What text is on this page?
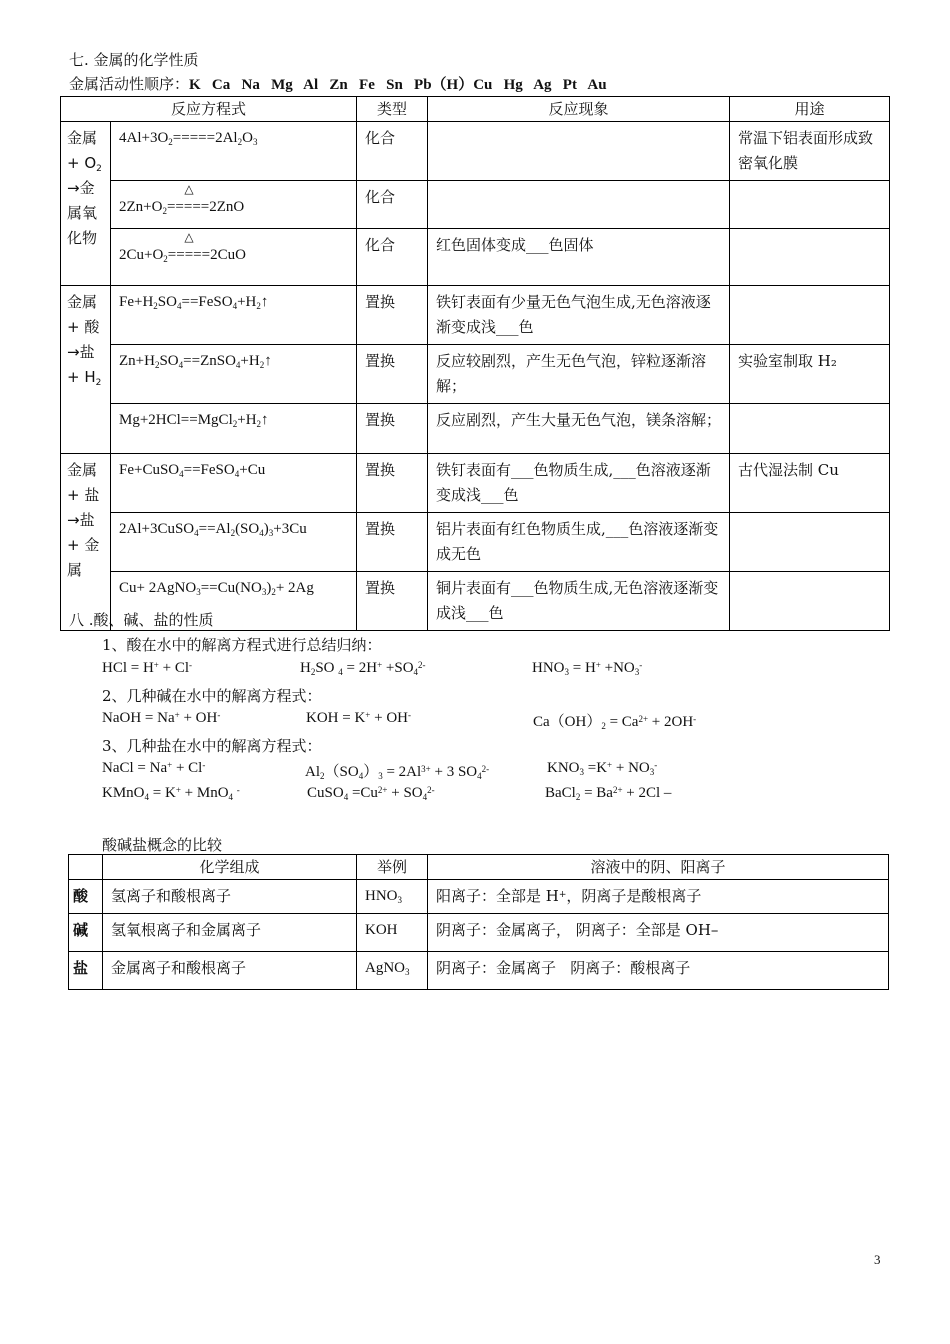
七. 金属的化学性质
金属活动性顺序：K   Ca   Na   Mg   Al   Zn   Fe   Sn   Pb（H）Cu   Hg   Ag   Pt   Au
反应方程式		类型	反应现象	用途
金属
+ $O_2$
→金
属氧
化物	$4Al+3O_2=====2Al_2O_3$	化合		常温下铝表面形成致密氧化膜

	△
$2Zn+O_2=====2ZnO$	化合		

	△
$2Cu+O_2=====2CuO$	化合	红色固体变成___色固体	
金属
+ 酸
→盐
+ $H_2$	$Fe+H_2SO_4==FeSO_4+H_2↑$	置换	铁钉表面有少量无色气泡生成,无色溶液逐渐变成浅___色	
	$Zn+H_2SO_4==ZnSO_4+H_2↑$	置换	反应较剧烈，产生无色气泡，锌粒逐渐溶解；	实验室制取 H₂
	$Mg+2HCl==MgCl_2+H_2↑$	置换	反应剧烈，产生大量无色气泡，镁条溶解；	
金属
+ 盐
→盐
+ 金
属	Fe+CuSO$_4$==FeSO$_4$+Cu	置换	铁钉表面有___色物质生成,___色溶液逐渐变成浅___色	古代湿法制 Cu
	$2Al+3CuSO_4==Al_2(SO_4)_3+3Cu$	置换	铝片表面有红色物质生成,___色溶液逐渐变成无色	
	$Cu+ 2AgNO_3==Cu(NO_3)_2+ 2Ag$	置换	铜片表面有___色物质生成,无色溶液逐渐变成浅___色	
八 .酸、碱、盐的性质
1、酸在水中的解离方程式进行总结归纳：
HCl = H+ + Cl-	$H_2SO$ $_4 = 2H^+ +SO_4^{2-}$	$HNO_3 = H^+ +NO_3^-$
2、几种碱在水中的解离方程式：
NaOH = Na+ + OH-	KOH = K+ + OH-	$Ca(OH)_2 = Ca^{2+} + 2OH^-$
3、几种盐在水中的解离方程式：
NaCl = Na+ + Cl-	$Al_2(SO_4)_3 = 2Al^{3+} + 3$ $SO_4^{2-}$	$KNO_3 =K^+ + NO_3^-$
KMnO$_4$ = K+ + MnO$_4$ -	CuSO$_4$ $=Cu^{2+} + SO_4^{2-}$	BaCl$_2$ = $Ba^{2+} + 2Cl$ –
酸碱盐概念的比较
	化学组成	举例	溶液中的阴、阳离子
酸	氢离子和酸根离子	$HNO_3$	阳离子：全部是 H+，阴离子是酸根离子
碱	氢氧根离子和金属离子	KOH	阴离子：金属离子， 阴离子：全部是 OH–
盐	金属离子和酸根离子	AgNO$_3$	阴离子：金属离子   阴离子：酸根离子
3
